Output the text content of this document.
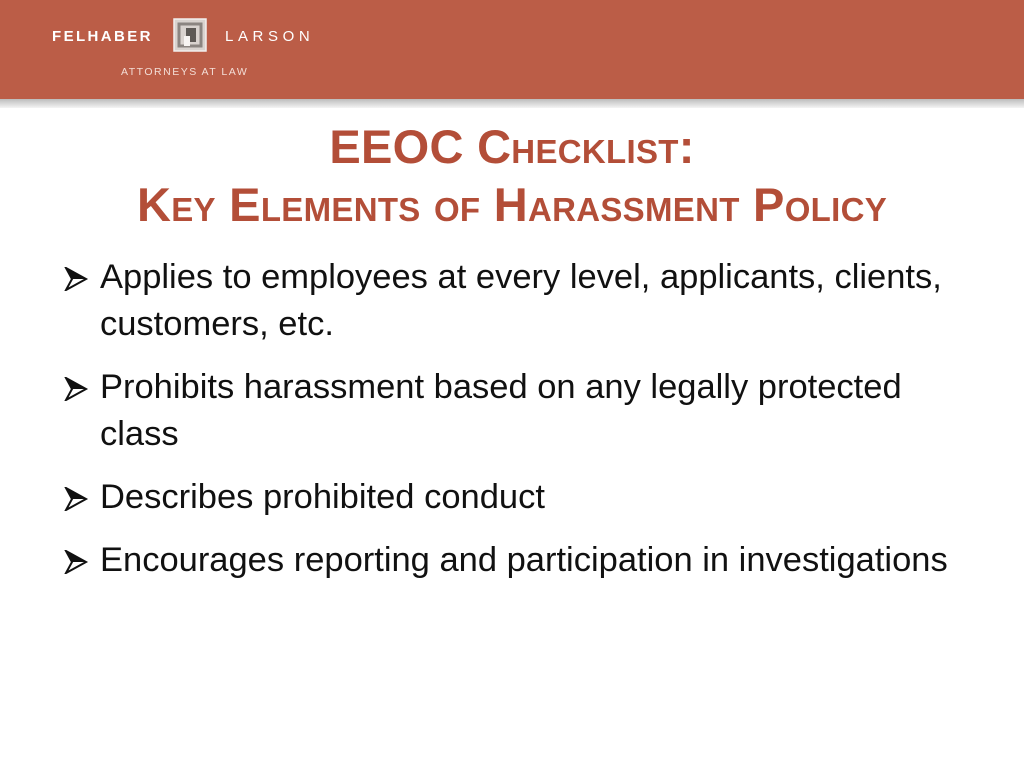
FELHABER	LARSON
ATTORNEYS AT LAW
EEOC Checklist:
Key Elements of Harassment Policy
Applies to employees at every level, applicants, clients, customers, etc.
Prohibits harassment based on any legally protected class
Describes prohibited conduct
Encourages reporting and participation in investigations
